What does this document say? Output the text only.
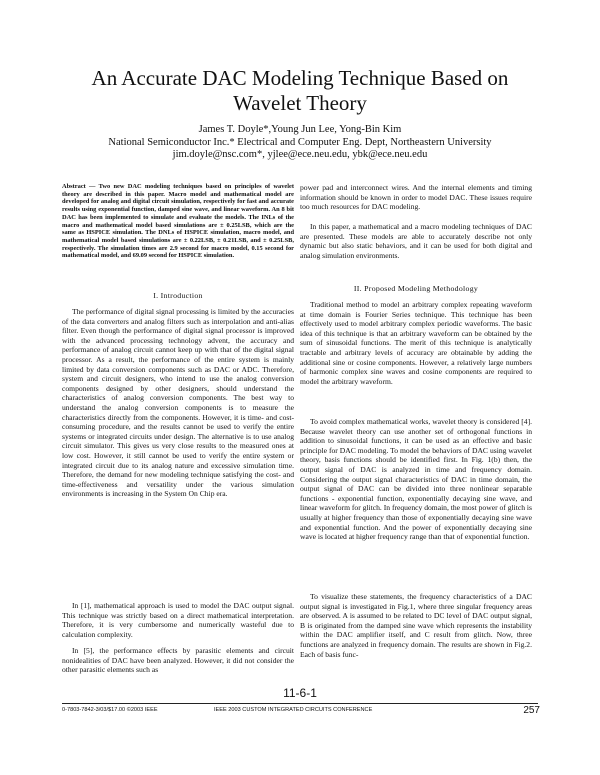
An Accurate DAC Modeling Technique Based on Wavelet Theory
James T. Doyle*,Young Jun Lee, Yong-Bin Kim
National Semiconductor Inc.* Electrical and Computer Eng. Dept, Northeastern University
jim.doyle@nsc.com*, yjlee@ece.neu.edu, ybk@ece.neu.edu

Abstract — Two new DAC modeling techniques based on principles of wavelet theory are described in this paper. Macro model and mathematical model are developed for analog and digital circuit simulation, respectively for fast and accurate results using exponential function, damped sine wave, and linear waveform. An 8 bit DAC has been implemented to simulate and evaluate the models. The INLs of the macro and mathematical model based simulations are ± 0.25LSB, which are the same as HSPICE simulation. The DNLs of HSPICE simulation, macro model, and mathematical model based simulations are ± 0.22LSB, ± 0.21LSB, and ± 0.25LSB, respectively. The simulation times are 2.9 second for macro model, 0.15 second for mathematical model, and 69.09 second for HSPICE simulation.

I. Introduction

The performance of digital signal processing is limited by the accuracies of the data converters and analog filters such as interpolation and anti-alias filter. Even though the performance of digital signal processor is improved with the advanced processing technology advent, the accuracy and performance of analog circuit cannot keep up with that of the digital signal processor. As a result, the performance of the entire system is mainly limited by data conversion components such as DAC or ADC. Therefore, system and circuit designers, who intend to use the analog conversion components designed by other designers, should understand the characteristics of analog conversion components. The best way to understand the analog conversion components is to measure the characteristics directly from the components. However, it is time- and cost-consuming procedure, and the results cannot be used to verify the entire systems or integrated circuits under design. The alternative is to use analog circuit simulator. This gives us very close results to the measured ones at low cost. However, it still cannot be used to verify the entire system or integrated circuit due to its analog nature and excessive simulation time. Therefore, the demand for new modeling technique satisfying the cost- and time-effectiveness and versatility under the various simulation environments is increasing in the System On Chip era.

In [1], mathematical approach is used to model the DAC output signal. This technique was strictly based on a direct mathematical interpretation. Therefore, it is very cumbersome and numerically wasteful due to calculation complexity.

In [5], the performance effects by parasitic elements and circuit nonidealities of DAC have been analyzed. However, it did not consider the other parasitic elements such as

power pad and interconnect wires. And the internal elements and timing information should be known in order to model DAC. These issues require too much resources for DAC modeling.

In this paper, a mathematical and a macro modeling techniques of DAC are presented. These models are able to accurately describe not only dynamic but also static behaviors, and it can be used for both digital and analog simulation environments.

II. Proposed Modeling Methodology

Traditional method to model an arbitrary complex repeating waveform at time domain is Fourier Series technique. This technique has been effectively used to model arbitrary complex periodic waveforms. The basic idea of this technique is that an arbitrary waveform can be obtained by the sum of sinusoidal functions. The merit of this technique is analytically tractable and arbitrary levels of accuracy are obtainable by adding the additional sine or cosine components. However, a relatively large numbers of harmonic complex sine waves and cosine components are required to model the arbitrary waveform.

To avoid complex mathematical works, wavelet theory is considered [4]. Because wavelet theory can use another set of orthogonal functions in addition to sinusoidal functions, it can be used as an effective and basic principle for DAC modeling. To model the behaviors of DAC using wavelet theory, basis functions should be identified first. In Fig. 1(b) then, the output signal of DAC is analyzed in time and frequency domain. Considering the output signal characteristics of DAC in time domain, the output signal of DAC can be divided into three nonlinear separable functions - exponential function, exponentially decaying sine wave, and linear waveform for glitch. In frequency domain, the most power of glitch is usually at higher frequency than those of exponentially decaying sine wave and exponential function. And the power of exponentially decaying sine wave is located at higher frequency range than that of exponential function.

To visualize these statements, the frequency characteristics of a DAC output signal is investigated in Fig.1, where three singular frequency areas are observed. A is assumed to be related to DC level of DAC output signal, B is originated from the damped sine wave which represents the instability within the DAC amplifier itself, and C result from glitch. Now, three functions are analyzed in frequency domain. The results are shown in Fig.2. Each of basis func-

11-6-1
0-7803-7842-3/03/$17.00 ©2003 IEEE	IEEE 2003 CUSTOM INTEGRATED CIRCUITS CONFERENCE	257
